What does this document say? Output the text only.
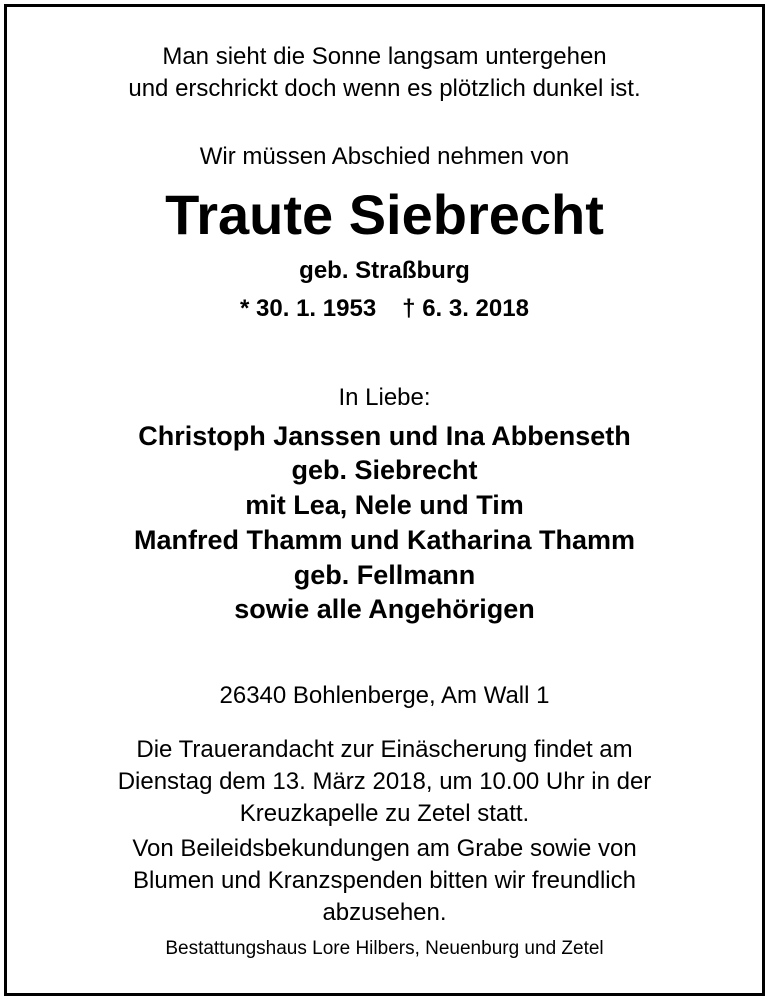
Man sieht die Sonne langsam untergehen
und erschrickt doch wenn es plötzlich dunkel ist.
Wir müssen Abschied nehmen von
Traute Siebrecht
geb. Straßburg
* 30. 1. 1953 † 6. 3. 2018
In Liebe:
Christoph Janssen und Ina Abbenseth
geb. Siebrecht
mit Lea, Nele und Tim
Manfred Thamm und Katharina Thamm
geb. Fellmann
sowie alle Angehörigen
26340 Bohlenberge, Am Wall 1
Die Trauerandacht zur Einäscherung findet am
Dienstag dem 13. März 2018, um 10.00 Uhr in der
Kreuzkapelle zu Zetel statt.
Von Beileidsbekundungen am Grabe sowie von
Blumen und Kranzspenden bitten wir freundlich
abzusehen.
Bestattungshaus Lore Hilbers, Neuenburg und Zetel
